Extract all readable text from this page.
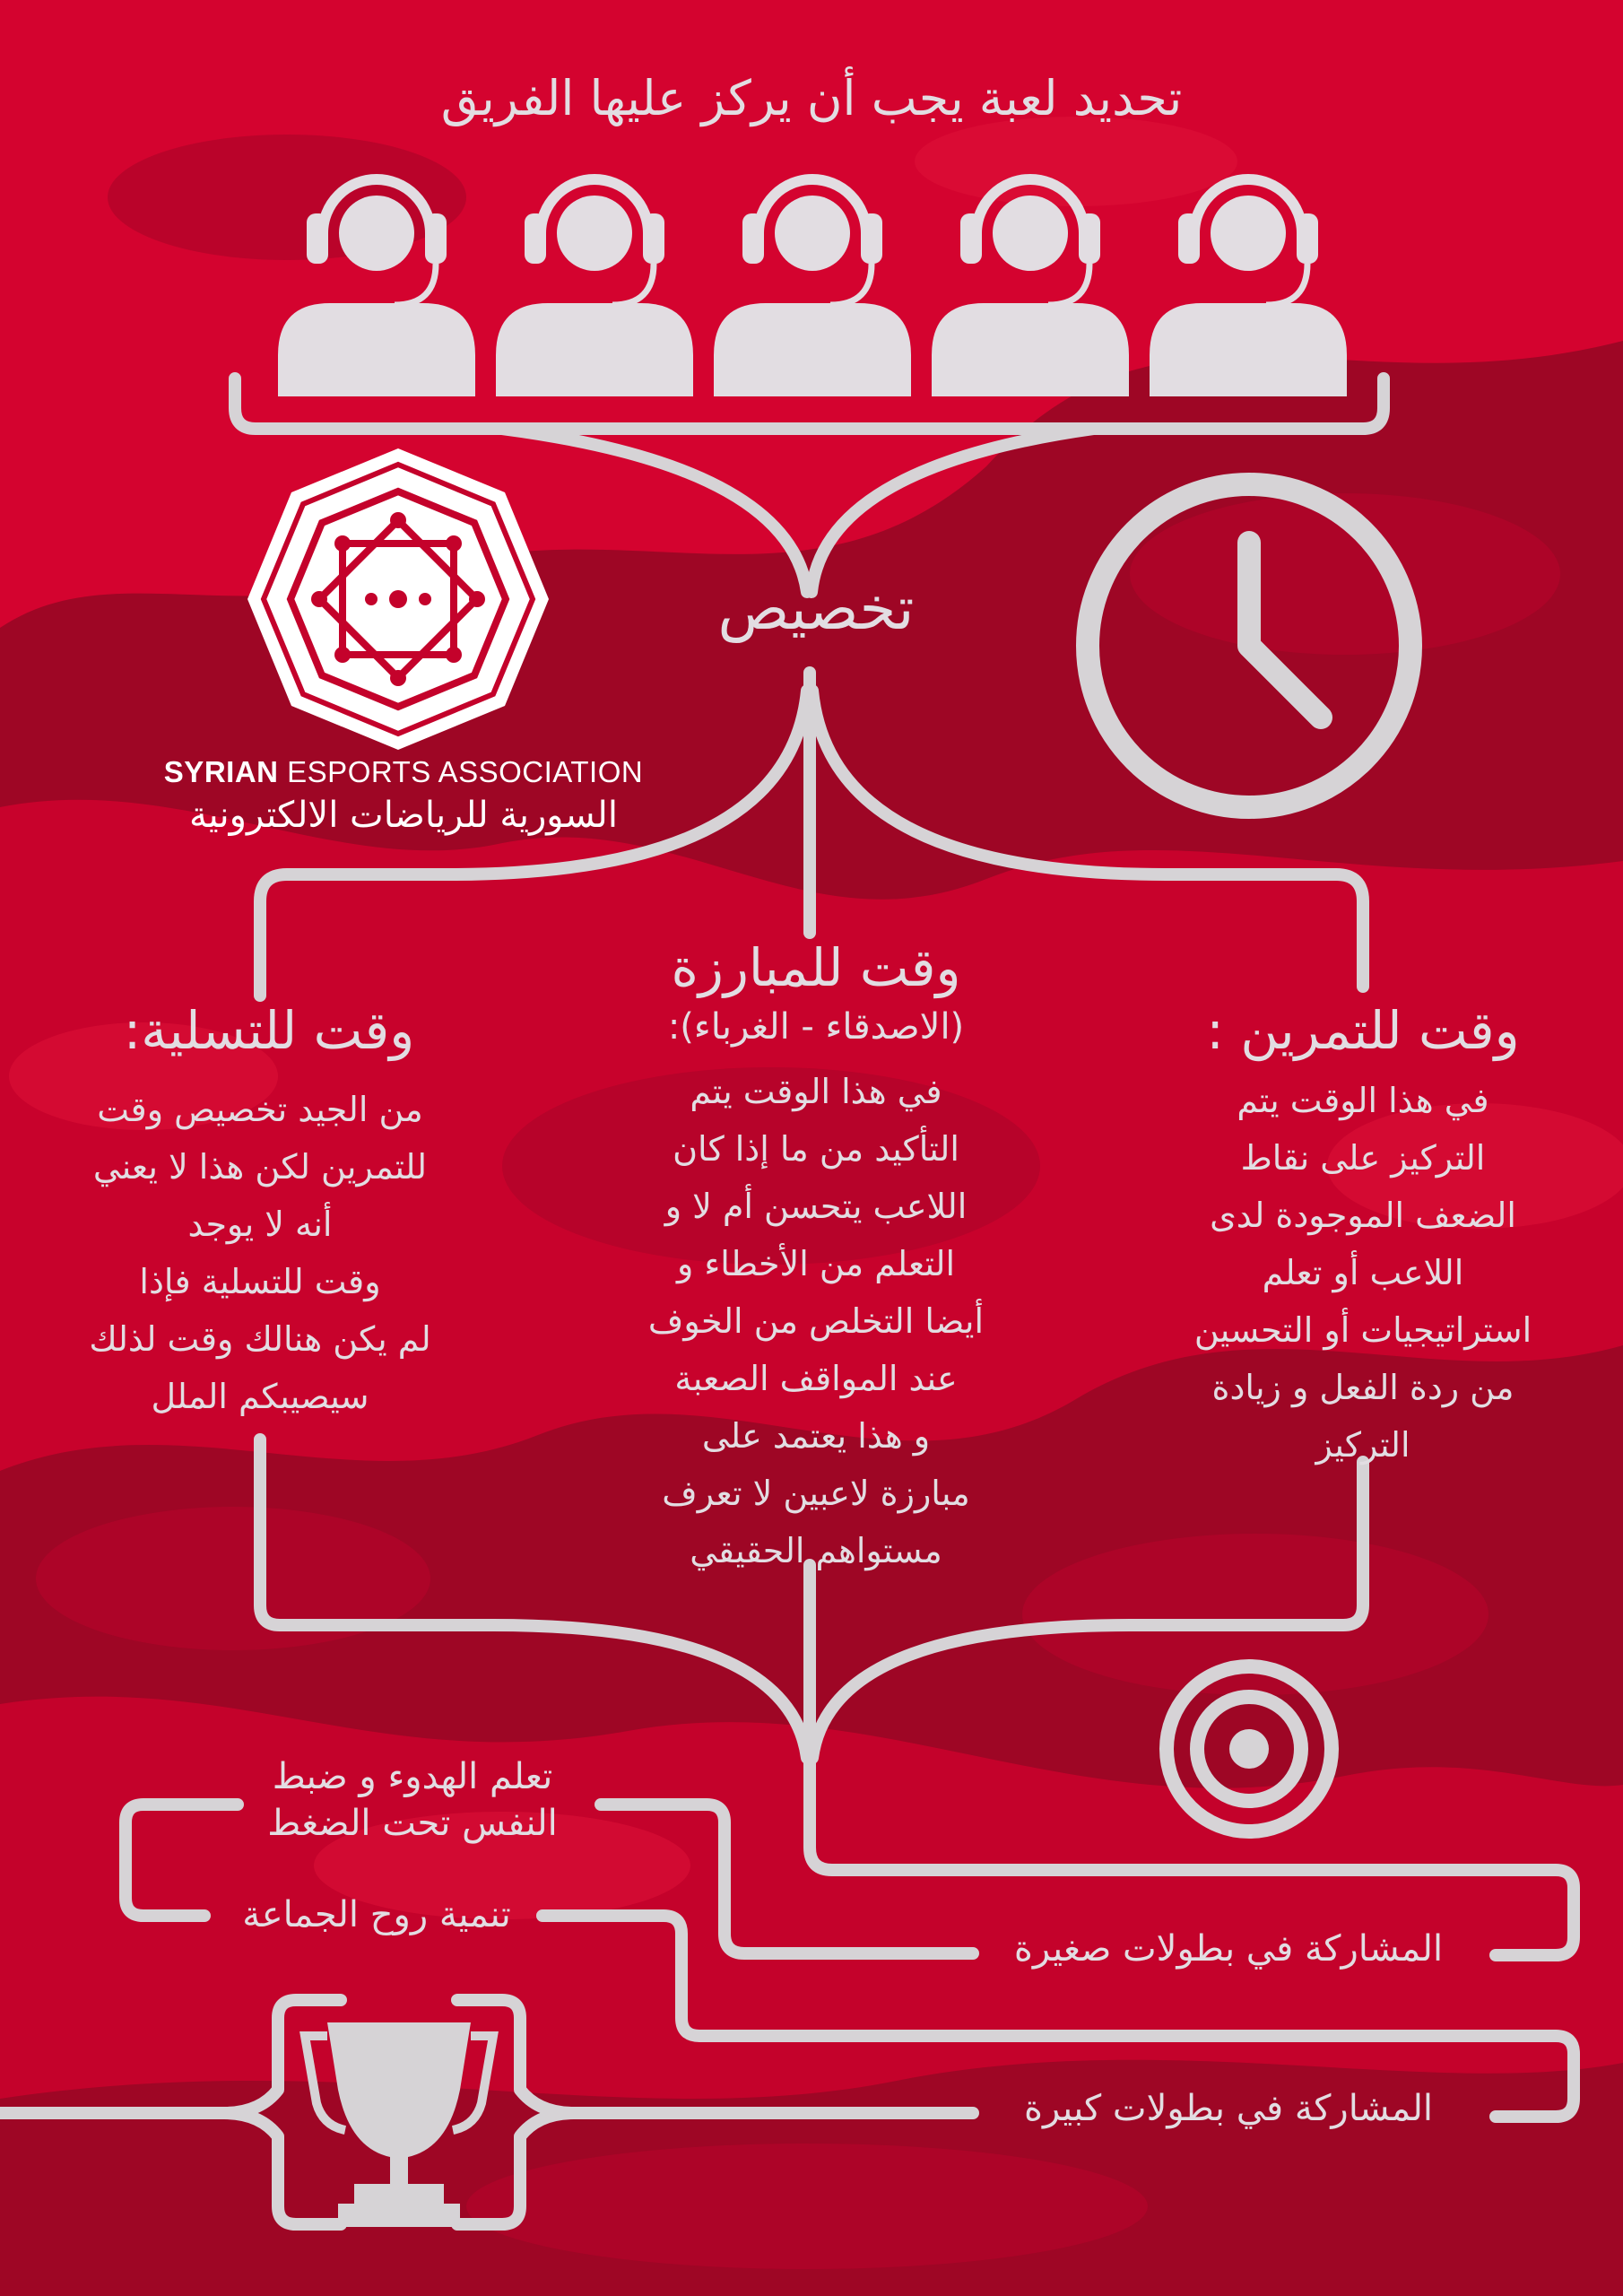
تحديد لعبة يجب أن يركز عليها الفريق
تخصيص
SYRIAN ESPORTS ASSOCIATION
السورية للرياضات الالكترونية
وقت للتسلية:
من الجيد تخصيص وقت
للتمرين لكن هذا لا يعني
أنه لا يوجد
وقت للتسلية فإذا
لم يكن هنالك وقت لذلك
سيصيبكم الملل
وقت للمبارزة
(الاصدقاء - الغرباء):
في هذا الوقت يتم
التأكيد من ما إذا كان
اللاعب يتحسن أم لا و
التعلم من الأخطاء و
أيضا التخلص من الخوف
عند المواقف الصعبة
و هذا يعتمد على
مبارزة لاعبين لا تعرف
مستواهم الحقيقي
وقت للتمرين :
في هذا الوقت يتم
التركيز على نقاط
الضعف الموجودة لدى
اللاعب أو تعلم
استراتيجيات أو التحسين
من ردة الفعل و زيادة
التركيز
تعلم الهدوء و ضبط
النفس تحت الضغط
تنمية روح الجماعة
المشاركة في بطولات صغيرة
المشاركة في بطولات كبيرة
